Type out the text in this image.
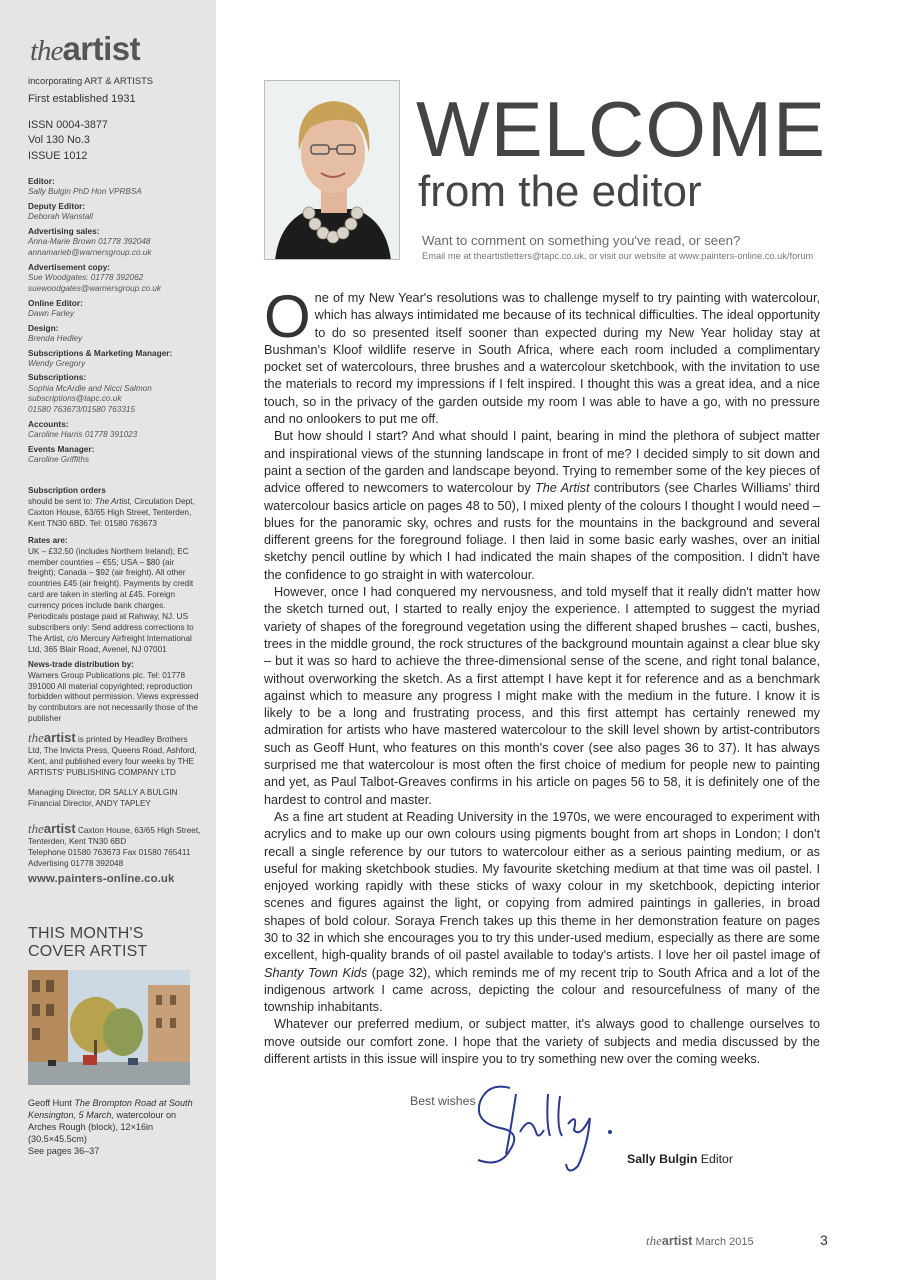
theartist
incorporating ART & ARTISTS
First established 1931
ISSN 0004-3877
Vol 130 No.3
ISSUE 1012
Editor:
Sally Bulgin PhD Hon VPRBSA
Deputy Editor:
Deborah Wanstall
Advertising sales:
Anna-Marie Brown 01778 392048
annamarieb@warnersgroup.co.uk
Advertisement copy:
Sue Woodgates: 01778 392062
suewoodgates@warnersgroup.co.uk
Online Editor:
Dawn Farley
Design:
Brenda Hedley
Subscriptions & Marketing Manager:
Wendy Gregory
Subscriptions:
Sophia McArdle and Nicci Salmon
subscriptions@tapc.co.uk
01580 763673/01580 763315
Accounts:
Caroline Harris 01778 391023
Events Manager:
Caroline Griffiths
Subscription orders
should be sent to: The Artist, Circulation Dept, Caxton House, 63/65 High Street, Tenterden, Kent TN30 6BD. Tel: 01580 763673
Rates are:
UK – £32.50 (includes Northern Ireland); EC member countries – €55; USA – $80 (air freight); Canada – $92 (air freight). All other countries £45 (air freight). Payments by credit card are taken in sterling at £45. Foreign currency prices include bank charges. Periodicals postage paid at Rahway, NJ. US subscribers only: Send address corrections to The Artist, c/o Mercury Airfreight International Ltd, 365 Blair Road, Avenel, NJ 07001
News-trade distribution by:
Warners Group Publications plc. Tel: 01778 391000 All material copyrighted; reproduction forbidden without permission. Views expressed by contributors are not necessarily those of the publisher
theartist is printed by Headley Brothers Ltd, The Invicta Press, Queens Road, Ashford, Kent, and published every four weeks by THE ARTISTS' PUBLISHING COMPANY LTD
Managing Director, DR SALLY A BULGIN
Financial Director, ANDY TAPLEY
theartist Caxton House, 63/65 High Street, Tenterden, Kent TN30 6BD
Telephone 01580 763673 Fax 01580 765411 Advertising 01778 392048
www.painters-online.co.uk
THIS MONTH'S
COVER ARTIST
Geoff Hunt The Brompton Road at South Kensington, 5 March, watercolour on Arches Rough (block), 12×16in (30.5×45.5cm)
See pages 36–37
WELCOME
from the editor
Want to comment on something you've read, or seen?
Email me at theartistletters@tapc.co.uk, or visit our website at www.painters-online.co.uk/forum

One of my New Year's resolutions was to challenge myself to try painting with watercolour, which has always intimidated me because of its technical difficulties. The ideal opportunity to do so presented itself sooner than expected during my New Year holiday stay at Bushman's Kloof wildlife reserve in South Africa, where each room included a complimentary pocket set of watercolours, three brushes and a watercolour sketchbook, with the invitation to use the materials to record my impressions if I felt inspired. I thought this was a great idea, and a nice touch, so in the privacy of the garden outside my room I was able to have a go, with no pressure and no onlookers to put me off.

But how should I start? And what should I paint, bearing in mind the plethora of subject matter and inspirational views of the stunning landscape in front of me? I decided simply to sit down and paint a section of the garden and landscape beyond. Trying to remember some of the key pieces of advice offered to newcomers to watercolour by The Artist contributors (see Charles Williams' third watercolour basics article on pages 48 to 50), I mixed plenty of the colours I thought I would need – blues for the panoramic sky, ochres and rusts for the mountains in the background and several different greens for the foreground foliage. I then laid in some basic early washes, over an initial sketchy pencil outline by which I had indicated the main shapes of the composition. I didn't have the confidence to go straight in with watercolour.

However, once I had conquered my nervousness, and told myself that it really didn't matter how the sketch turned out, I started to really enjoy the experience. I attempted to suggest the myriad variety of shapes of the foreground vegetation using the different shaped brushes – cacti, bushes, trees in the middle ground, the rock structures of the background mountain against a clear blue sky – but it was so hard to achieve the three-dimensional sense of the scene, and right tonal balance, without overworking the sketch. As a first attempt I have kept it for reference and as a benchmark against which to measure any progress I might make with the medium in the future. I know it is likely to be a long and frustrating process, and this first attempt has certainly renewed my admiration for artists who have mastered watercolour to the skill level shown by artist-contributors such as Geoff Hunt, who features on this month's cover (see also pages 36 to 37). It has always surprised me that watercolour is most often the first choice of medium for people new to painting and yet, as Paul Talbot-Greaves confirms in his article on pages 56 to 58, it is definitely one of the hardest to control and master.

As a fine art student at Reading University in the 1970s, we were encouraged to experiment with acrylics and to make up our own colours using pigments bought from art shops in London; I don't recall a single reference by our tutors to watercolour either as a serious painting medium, or as useful for making sketchbook studies. My favourite sketching medium at that time was oil pastel. I enjoyed working rapidly with these sticks of waxy colour in my sketchbook, depicting interior scenes and figures against the light, or copying from admired paintings in galleries, in broad shapes of bold colour. Soraya French takes up this theme in her demonstration feature on pages 30 to 32 in which she encourages you to try this under-used medium, especially as there are some excellent, high-quality brands of oil pastel available to today's artists. I love her oil pastel image of Shanty Town Kids (page 32), which reminds me of my recent trip to South Africa and a lot of the indigenous artwork I came across, depicting the colour and resourcefulness of many of the township inhabitants.

Whatever our preferred medium, or subject matter, it's always good to challenge ourselves to move outside our comfort zone. I hope that the variety of subjects and media discussed by the different artists in this issue will inspire you to try something new over the coming weeks.

Best wishes
Sally Bulgin Editor
theartist March 2015	3
